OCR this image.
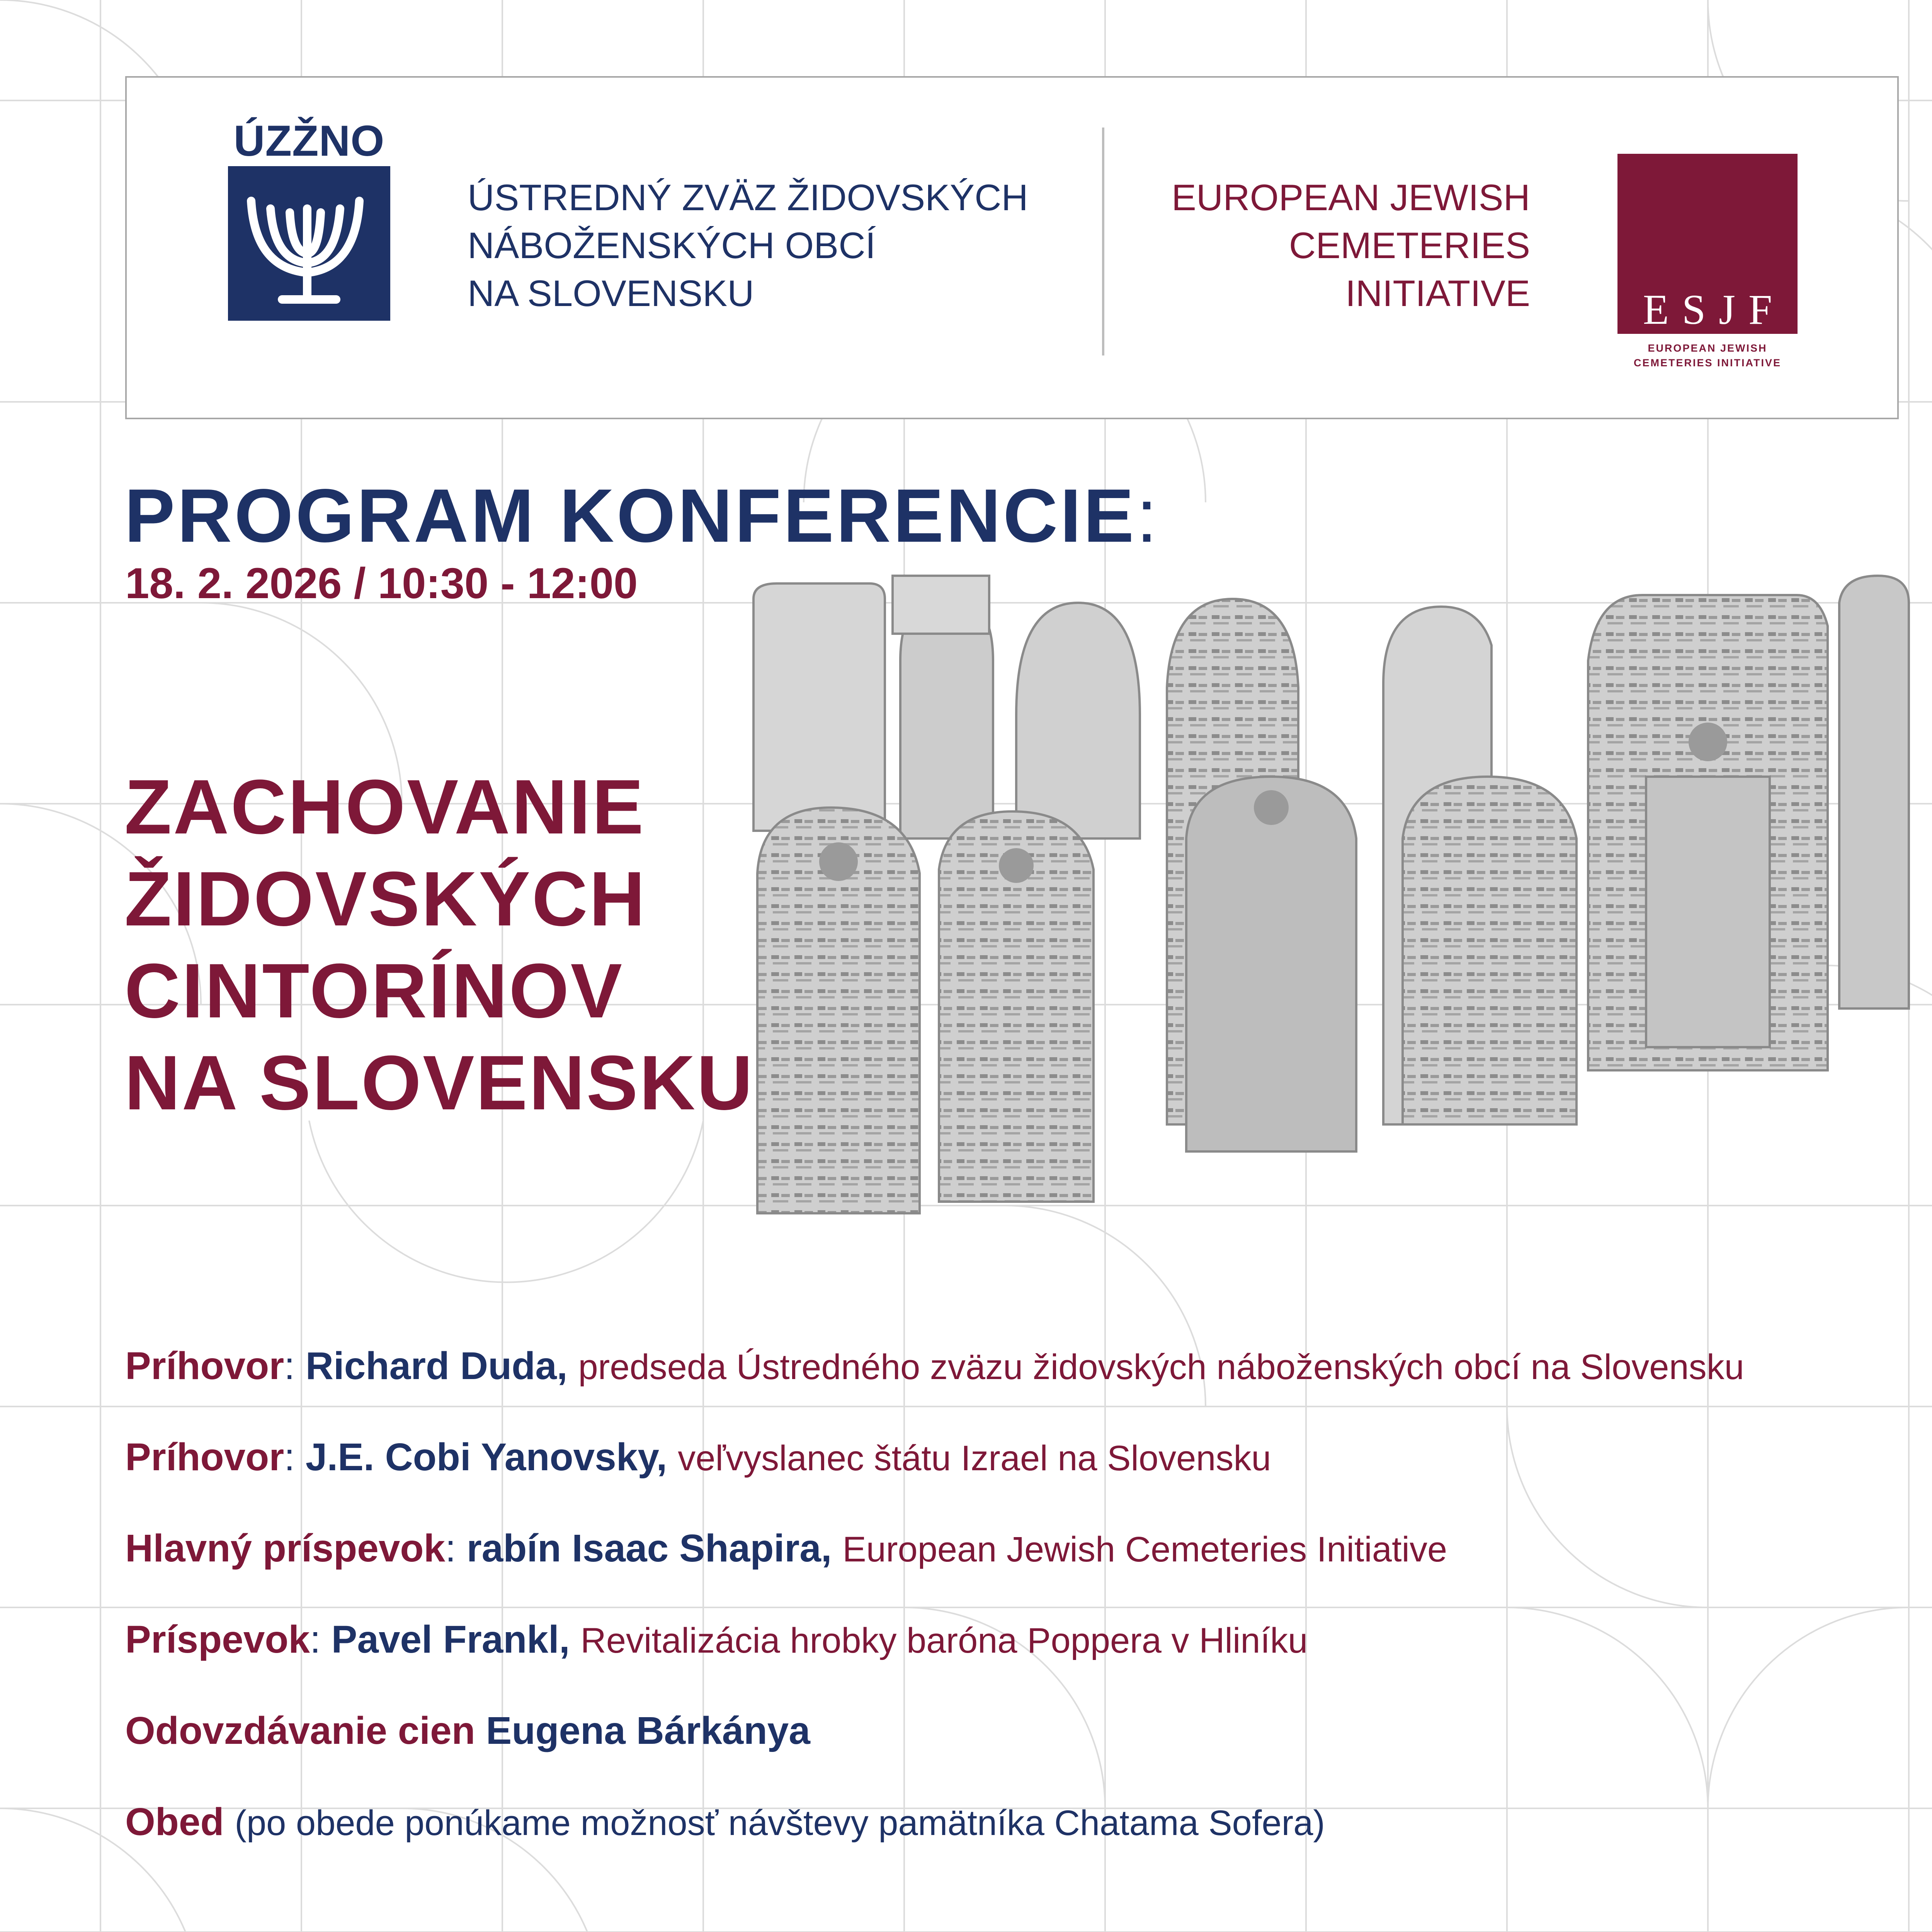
ÚZŽNO
ÚSTREDNÝ ZVÄZ ŽIDOVSKÝCH
NÁBOŽENSKÝCH OBCÍ
NA SLOVENSKU
EUROPEAN JEWISH
CEMETERIES
INITIATIVE	ESJF
EUROPEAN JEWISH
CEMETERIES INITIATIVE
PROGRAM KONFERENCIE:
18. 2. 2026 / 10:30 - 12:00
ZACHOVANIE
ŽIDOVSKÝCH
CINTORÍNOV
NA SLOVENSKU
Príhovor: Richard Duda, predseda Ústredného zväzu židovských náboženských obcí na Slovensku
Príhovor: J.E. Cobi Yanovsky, veľvyslanec štátu Izrael na Slovensku
Hlavný príspevok: rabín Isaac Shapira, European Jewish Cemeteries Initiative
Príspevok: Pavel Frankl, Revitalizácia hrobky baróna Poppera v Hliníku
Odovzdávanie cien Eugena Bárkánya
Obed (po obede ponúkame možnosť návštevy pamätníka Chatama Sofera)
